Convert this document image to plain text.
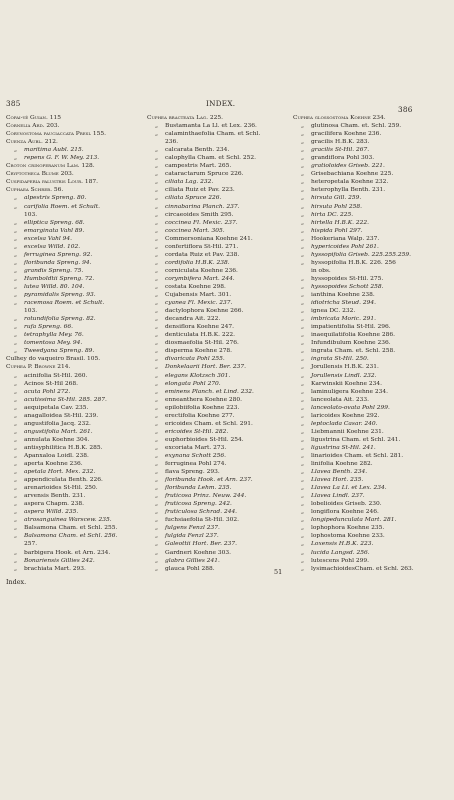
385	INDEX.
386
Copai-yé Guian. 115
Cornelia Ard. 203.
Corynostoma pauciaccata Presl 155.
Cuenza Aubl. 212.
„ maritima Aubl. 215.
„ repens G. F. W. Mey. 213.
Croton crinoperanum Lam. 128.
Cryptotheca Blume 203.
Cuspidaperia palustris Lour. 187.
Cuphaea Schreb. 56.
„ alpestris Spreng. 80.
„ carifolia Roem. et Schult.
103.
„ elliptica Spreng. 68.
„ emarginata Vahl 89.
„ excelsa Vahl 94.
„ excelsa Willd. 102.
„ ferruginea Spreng. 92.
„ floribunda Spreng. 94.
„ grandis Spreng. 75.
„ Humboldtii Spreng. 72.
„ lutea Willd. 80. 104.
„ pyramidalis Spreng. 93.
„ racemosa Roem. et Schult.
103.
„ rotundifolia Spreng. 82.
„ rufa Spreng. 66.
„ tetraphylla Mey. 76.
„ tomentosa Mey. 94.
„ Tweedyana Spreng. 89.
Culhey do vaqueiro Brasil. 105.
Cuphea P. Browne 214.
„ acinifolia St-Hil. 260.
„ Acinos St-Hil 268.
„ acuta Pohl 272.
„ acutissima St-Hil. 285. 287.
„ aequipetala Cav. 235.
„ anagalloidea St-Hil. 239.
„ angustifolia Jacq. 232.
„ angustifolia Mart. 261.
„ annulata Koehne 304.
„ antisyphilitica H.B.K. 285.
„ Apanxaloa Loidl. 238.
„ aperta Koehne 236.
„ apetala Hort. Mex. 232.
„ appendiculata Benth. 226.
„ arenarioides St-Hil. 250.
„ arvensis Benth. 231.
„ aspera Chapm. 238.
„ aspera Willd. 235.
„ atrosanguinea Warscew. 235.
„ Balsamona Cham. et Schl. 255.
„ Balsamona Cham. et Schl. 256.
257.
„ barbigera Hook. et Arn. 234.
„ Bonariensis Gillies 242.
„ brachiata Mart. 293.
Cuphea bracteata Lag. 225.
„ Bustamanta La Ll. et Lex. 236.
„ calaminthaefolia Cham. et Schl.
236.
„ calcarata Benth. 234.
„ calophylla Cham. et Schl. 252.
„ campestris Mart. 265.
„ cataractarum Spruce 226.
„ ciliata Lag. 232.
„ ciliata Ruiz et Pav. 223.
„ ciliata Spruce 226.
„ cinnabarina Planch. 237.
„ circaeoides Smith 295.
„ coccinea Fl. Mexic. 237.
„ coccinea Mart. 305.
„ Commersoniana Koehne 241.
„ confertiflora St-Hil. 271.
„ cordata Ruiz et Pav. 238.
„ cordifolia H.B.K. 238.
„ corniculata Koehne 236.
„ corymbifera Mart. 244.
„ costata Koehne 298.
„ Cujabensis Mart. 301.
„ cyanea Fl. Mexic. 237.
„ dactylophora Koehne 266.
„ decandra Ait. 222.
„ densiflora Koehne 247.
„ denticulata H.B.K. 222.
„ diosmaefolia St-Hil. 276.
„ disperma Koehne 278.
„ divaricata Pohl 255.
„ Donkelaarii Hort. Ber. 237.
„ elegans Klotzsch 301.
„ elongata Pohl 270.
„ eminens Planch. et Lind. 232.
„ enneanthera Koehne 280.
„ epilobiifolia Koehne 223.
„ erectifolia Koehne 277.
„ ericoides Cham. et Schl. 291.
„ ericoides St-Hil. 282.
„ euphorbioides St-Hil. 254.
„ excoriata Mart. 273.
„ exynana Schott 256.
„ ferruginea Pohl 274.
„ flava Spreng. 293.
„ floribunda Hook. et Arn. 237.
„ floribunda Lehm. 235.
„ fruticosa Prinz. Neuw. 244.
„ fruticosa Spreng. 242.
„ fruticulosa Schrad. 244.
„ fuchsiaefolia St-Hil. 302.
„ fulgens Fenzl 237.
„ fulgida Fenzl 237.
„ Galeottii Hort. Ber. 237.
„ Gardneri Koehne 303.
„ glabra Gillies 241.
„ glauca Pohl 288.
Cuphea glossostoma Koehne 234.
„ glutinosa Cham. et. Schl. 259.
„ gracilifera Koehne 236.
„ gracilis H.B.K. 283.
„ gracilis St-Hil. 267.
„ grandiflora Pohl 303.
„ gratioloides Griseb. 221.
„ Grisebachiana Koehne 225.
„ heteropetala Koehne 232.
„ heterophylla Benth. 231.
„ hirsuta Gill. 259.
„ hirsuta Pohl 258.
„ hirta DC. 225.
„ hirtella H.B.K. 222.
„ hispida Pohl 297.
„ Hookeriana Walp. 237.
„ hypericoides Pohl 261.
„ hyssopifolia Griseb. 225.255.259.
„ hyssopifolia H.B.K. 226. 256
in obs.
„ hyssopoides St-Hil. 275.
„ hyssopoides Schott 258.
„ ianthina Koehne 238.
„ idiotricha Steud. 294.
„ ignea DC. 232.
„ imbricata Moric. 291.
„ impatientifolia St-Hil. 296.
„ inaequilatifolia Koehne 286.
„ Infundibulum Koehne 236.
„ ingrata Cham. et. Schl. 258.
„ ingrata St-Hil. 250.
„ Jorullensis H.B.K. 231.
„ Jorullensis Lindl. 232.
„ Karwinskii Koehne 234.
„ laminuligera Koehne 234.
„ lanceolata Ait. 233.
„ lanceolato-ovata Pohl 299.
„ laricoides Koehne 292.
„ leptoclada Casar. 240.
„ Liebmannii Koehne 231.
„ ligustrina Cham. et Schl. 241.
„ ligustrina St-Hil. 241.
„ linarioides Cham. et Schl. 281.
„ linifolia Koehne 282.
„ Llavea Benth. 234.
„ Llavea Hort. 235.
„ Llavea La Ll. et Lex. 234.
„ Llavea Lindl. 237.
„ lobelioides Griseb. 230.
„ longiflora Koehne 246.
„ longipedunculata Mart. 281.
„ lophophora Koehne 235.
„ lophostoma Koehne 233.
„ Loxensis H.B.K. 223.
„ lucida Langsd. 256.
„ lutescens Pohl 299.
„ lysimachioidesCham. et Schl. 263.
Index.
51
